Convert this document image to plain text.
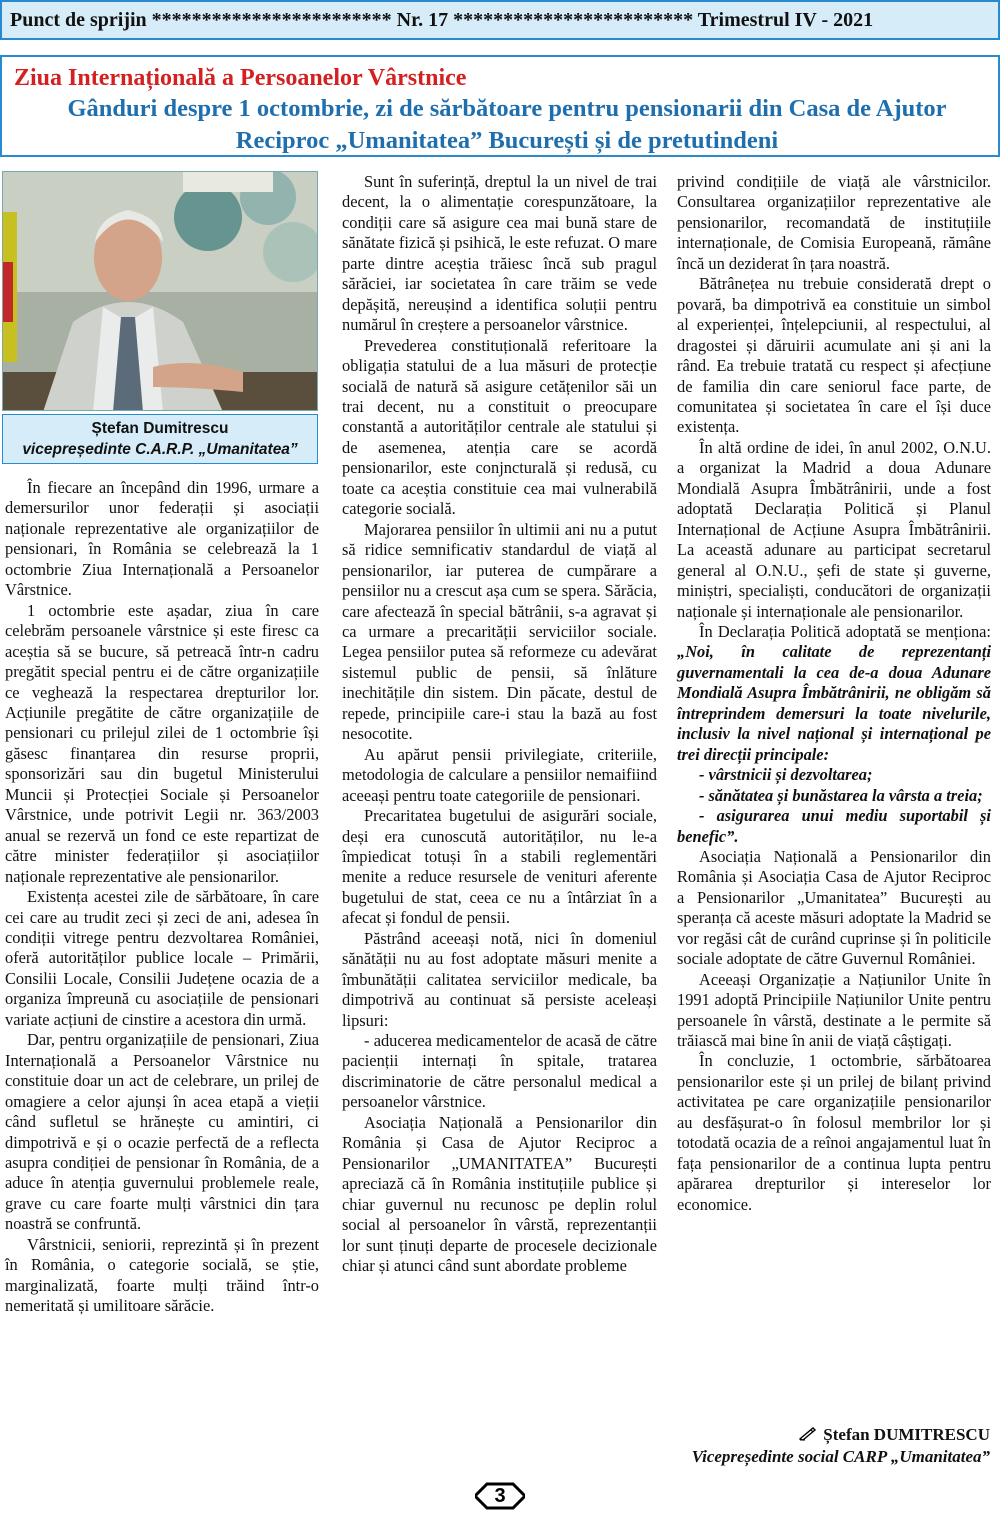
Punct de sprijin ************************ Nr. 17 ************************ Trimestrul IV - 2021
Ziua Internațională a Persoanelor Vârstnice
Gânduri despre 1 octombrie, zi de sărbătoare pentru pensionarii din Casa de Ajutor Reciproc „Umanitatea” București și de pretutindeni
Ștefan Dumitrescu
vicepreședinte C.A.R.P. „Umanitatea”

În fiecare an începând din 1996, urmare a demersurilor unor federații și asociații naționale reprezentative ale organizațiilor de pensionari, în România se celebrează la 1 octombrie Ziua Internațională a Persoanelor Vârstnice.

1 octombrie este așadar, ziua în care celebrăm persoanele vârstnice și este firesc ca aceștia să se bucure, să petreacă într-n cadru pregătit special pentru ei de către organizațiile ce veghează la respectarea drepturilor lor. Acțiunile pregătite de către organizațiile de pensionari cu prilejul zilei de 1 octombrie își găsesc finanțarea din resurse proprii, sponsorizări sau din bugetul Ministerului Muncii și Protecției Sociale și Persoanelor Vârstnice, unde potrivit Legii nr. 363/2003 anual se rezervă un fond ce este repartizat de către minister federațiilor și asociațiilor naționale reprezentative ale pensionarilor.

Existența acestei zile de sărbătoare, în care cei care au trudit zeci și zeci de ani, adesea în condiții vitrege pentru dezvoltarea României, oferă autorităților publice locale – Primării, Consilii Locale, Consilii Județene ocazia de a organiza împreună cu asociațiile de pensionari variate acțiuni de cinstire a acestora din urmă.

Dar, pentru organizațiile de pensionari, Ziua Internațională a Persoanelor Vârstnice nu constituie doar un act de celebrare, un prilej de omagiere a celor ajunși în acea etapă a vieții când sufletul se hrănește cu amintiri, ci dimpotrivă e și o ocazie perfectă de a reflecta asupra condiției de pensionar în România, de a aduce în atenția guvernului problemele reale, grave cu care foarte mulți vârstnici din țara noastră se confruntă.

Vârstnicii, seniorii, reprezintă și în prezent în România, o categorie socială, se știe, marginalizată, foarte mulți trăind într-o nemeritată și umilitoare sărăcie.

Sunt în suferință, dreptul la un nivel de trai decent, la o alimentație corespunzătoare, la condiții care să asigure cea mai bună stare de sănătate fizică și psihică, le este refuzat. O mare parte dintre aceștia trăiesc încă sub pragul sărăciei, iar societatea în care trăim se vede depășită, nereușind a identifica soluții pentru numărul în creștere a persoanelor vârstnice.

Prevederea constituțională referitoare la obligația statului de a lua măsuri de protecție socială de natură să asigure cetățenilor săi un trai decent, nu a constituit o preocupare constantă a autorităților centrale ale statului și de asemenea, atenția care se acordă pensionarilor, este conjncturală și redusă, cu toate ca aceștia constituie cea mai vulnerabilă categorie socială.

Majorarea pensiilor în ultimii ani nu a putut să ridice semnificativ standardul de viață al pensionarilor, iar puterea de cumpărare a pensiilor nu a crescut așa cum se spera. Sărăcia, care afectează în special bătrânii, s-a agravat și ca urmare a precarității serviciilor sociale. Legea pensiilor putea să reformeze cu adevărat sistemul public de pensii, să înlăture inechitățile din sistem. Din păcate, destul de repede, principiile care-i stau la bază au fost nesocotite.

Au apărut pensii privilegiate, criteriile, metodologia de calculare a pensiilor nemaifiind aceeași pentru toate categoriile de pensionari.

Precaritatea bugetului de asigurări sociale, deși era cunoscută autorităților, nu le-a împiedicat totuși în a stabili reglementări menite a reduce resursele de venituri aferente bugetului de stat, ceea ce nu a întârziat în a afecat și fondul de pensii.

Păstrând aceeași notă, nici în domeniul sănătății nu au fost adoptate măsuri menite a îmbunătății calitatea serviciilor medicale, ba dimpotrivă au continuat să persiste aceleași lipsuri:

- aducerea medicamentelor de acasă de către pacienții internați în spitale, tratarea discriminatorie de către personalul medical a persoanelor vârstnice.

Asociația Națională a Pensionarilor din România și Casa de Ajutor Reciproc a Pensionarilor „UMANITATEA” București apreciază că în România instituțiile publice și chiar guvernul nu recunosc pe deplin rolul social al persoanelor în vârstă, reprezentanții lor sunt ținuți departe de procesele decizionale chiar și atunci când sunt abordate probleme

privind condițiile de viață ale vârstnicilor. Consultarea organizațiilor reprezentative ale pensionarilor, recomandată de instituțiile internaționale, de Comisia Europeană, rămâne încă un deziderat în țara noastră.

Bătrânețea nu trebuie considerată drept o povară, ba dimpotrivă ea constituie un simbol al experienței, înțelepciunii, al respectului, al dragostei și dăruirii acumulate ani și ani la rând. Ea trebuie tratată cu respect și afecțiune de familia din care seniorul face parte, de comunitatea și societatea în care el își duce existența.

În altă ordine de idei, în anul 2002, O.N.U. a organizat la Madrid a doua Adunare Mondială Asupra Îmbătrânirii, unde a fost adoptată Declarația Politică și Planul Internațional de Acțiune Asupra Îmbătrânirii. La această adunare au participat secretarul general al O.N.U., șefi de state și guverne, miniștri, specialiști, conducători de organizații naționale și internaționale ale pensionarilor.

În Declarația Politică adoptată se menționa: „Noi, în calitate de reprezentanți guvernamentali la cea de-a doua Adunare Mondială Asupra Îmbătrânirii, ne obligăm să întreprindem demersuri la toate nivelurile, inclusiv la nivel național și internațional pe trei direcții principale:

- vârstnicii și dezvoltarea;

- sănătatea și bunăstarea la vârsta a treia;

- asigurarea unui mediu suportabil și benefic”.

Asociația Națională a Pensionarilor din România și Asociația Casa de Ajutor Reciproc a Pensionarilor „Umanitatea” București au speranța că aceste măsuri adoptate la Madrid se vor regăsi cât de curând cuprinse și în politicile sociale adoptate de către Guvernul României.

Aceeași Organizație a Națiunilor Unite în 1991 adoptă Principiile Națiunilor Unite pentru persoanele în vârstă, destinate a le permite să trăiască mai bine în anii de viață câștigați.

În concluzie, 1 octombrie, sărbătoarea pensionarilor este și un prilej de bilanț privind activitatea pe care organizațiile pensionarilor au desfășurat-o în folosul membrilor lor și totodată ocazia de a reînoi angajamentul luat în fața pensionarilor de a continua lupta pentru apărarea drepturilor și intereselor lor economice.

Ștefan DUMITRESCU
Vicepreședinte social CARP „Umanitatea”
3
